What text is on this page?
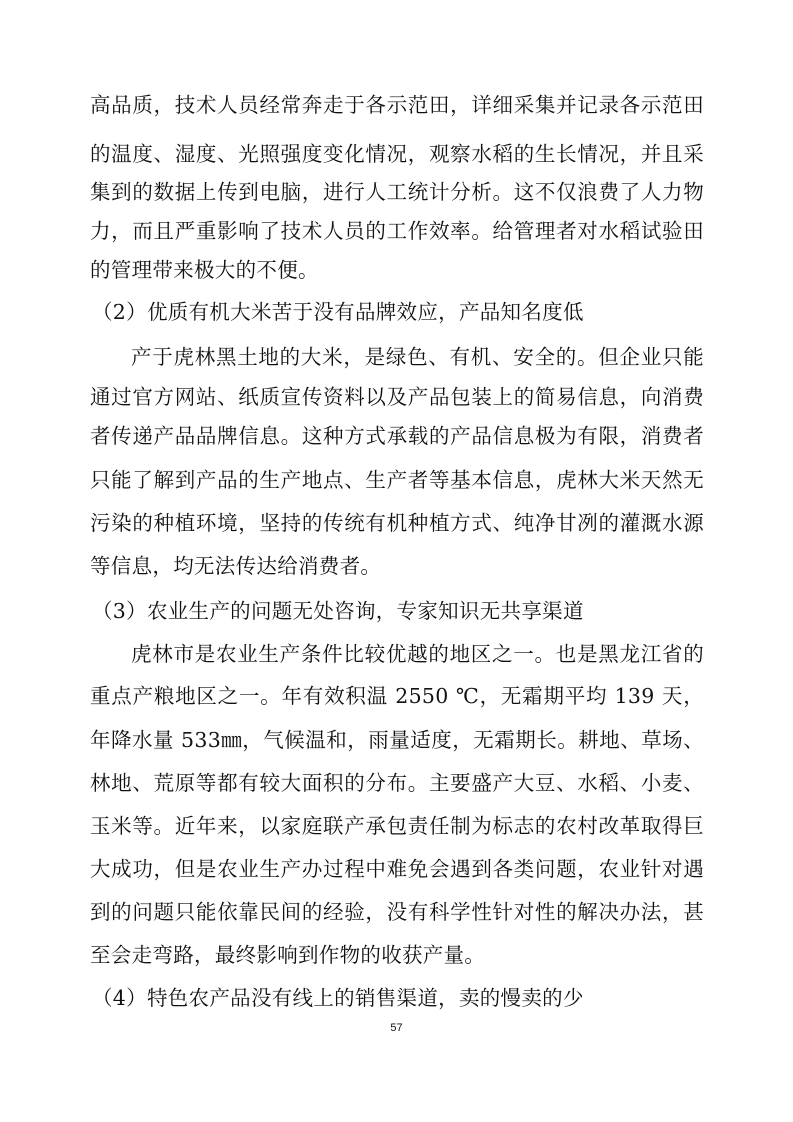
高品质，技术人员经常奔走于各示范田，详细采集并记录各示范田
的温度、湿度、光照强度变化情况，观察水稻的生长情况，并且采
集到的数据上传到电脑，进行人工统计分析。这不仅浪费了人力物
力，而且严重影响了技术人员的工作效率。给管理者对水稻试验田
的管理带来极大的不便。
（2）优质有机大米苦于没有品牌效应，产品知名度低
产于虎林黑土地的大米，是绿色、有机、安全的。但企业只能
通过官方网站、纸质宣传资料以及产品包装上的简易信息，向消费
者传递产品品牌信息。这种方式承载的产品信息极为有限，消费者
只能了解到产品的生产地点、生产者等基本信息，虎林大米天然无
污染的种植环境，坚持的传统有机种植方式、纯净甘冽的灌溉水源
等信息，均无法传达给消费者。
（3）农业生产的问题无处咨询，专家知识无共享渠道
虎林市是农业生产条件比较优越的地区之一。也是黑龙江省的
重点产粮地区之一。年有效积温 2550 ℃，无霜期平均 139 天，
年降水量 533㎜，气候温和，雨量适度，无霜期长。耕地、草场、
林地、荒原等都有较大面积的分布。主要盛产大豆、水稻、小麦、
玉米等。近年来，以家庭联产承包责任制为标志的农村改革取得巨
大成功，但是农业生产办过程中难免会遇到各类问题，农业针对遇
到的问题只能依靠民间的经验，没有科学性针对性的解决办法，甚
至会走弯路，最终影响到作物的收获产量。
（4）特色农产品没有线上的销售渠道，卖的慢卖的少
57
